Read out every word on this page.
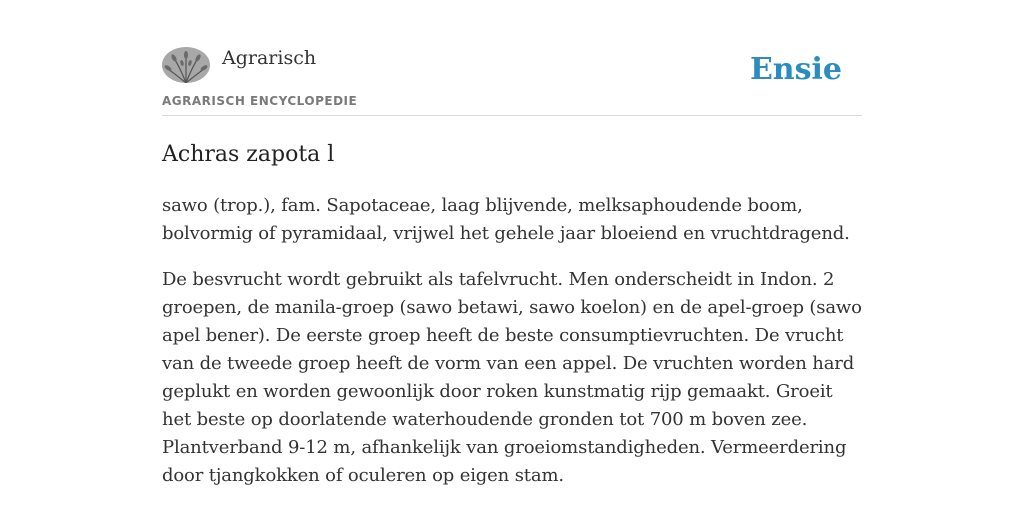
Agrarisch
AGRARISCH ENCYCLOPEDIE
Ensie
Achras zapota l

sawo (trop.), fam. Sapotaceae, laag blijvende, melksaphoudende boom, bolvormig of pyramidaal, vrijwel het gehele jaar bloeiend en vruchtdragend.

De besvrucht wordt gebruikt als tafelvrucht. Men onderscheidt in Indon. 2 groepen, de manila-groep (sawo betawi, sawo koelon) en de apel-groep (sawo apel bener). De eerste groep heeft de beste consumptievruchten. De vrucht van de tweede groep heeft de vorm van een appel. De vruchten worden hard geplukt en worden gewoonlijk door roken kunstmatig rijp gemaakt. Groeit het beste op doorlatende waterhoudende gronden tot 700 m boven zee. Plantverband 9-12 m, afhankelijk van groeiomstandigheden. Vermeerdering door tjangkokken of oculeren op eigen stam.
